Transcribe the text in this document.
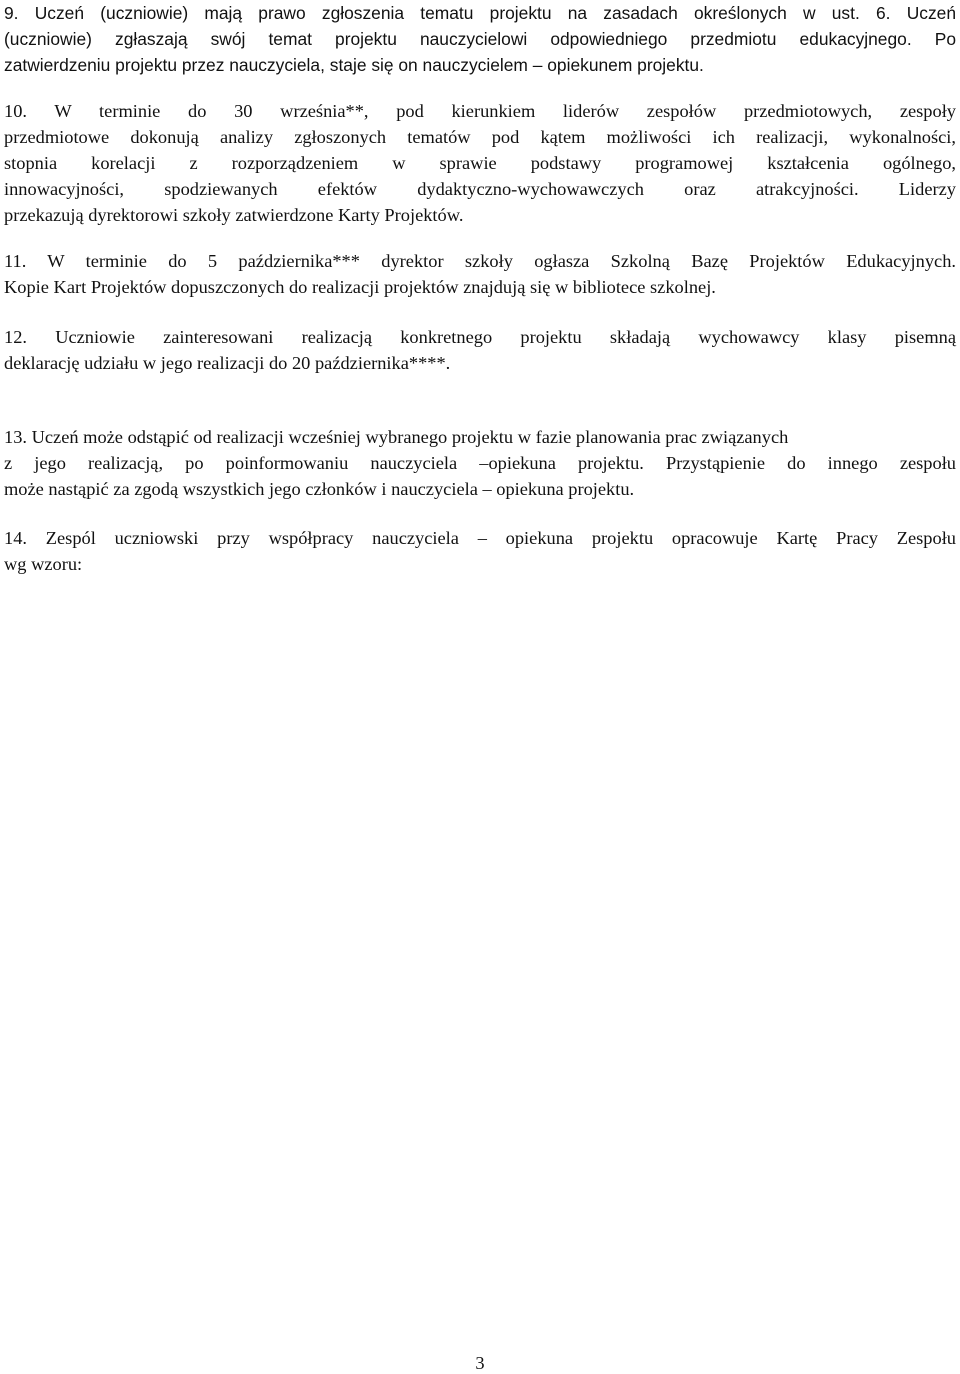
9. Uczeń (uczniowie) mają prawo zgłoszenia tematu projektu na zasadach określonych w ust. 6. Uczeń
(uczniowie) zgłaszają swój temat projektu nauczycielowi odpowiedniego przedmiotu edukacyjnego. Po
zatwierdzeniu projektu przez nauczyciela, staje się on nauczycielem – opiekunem projektu.
10. W terminie do 30 września**, pod kierunkiem liderów zespołów przedmiotowych, zespoły
przedmiotowe dokonują analizy zgłoszonych tematów pod kątem możliwości ich realizacji, wykonalności,
stopnia korelacji z rozporządzeniem w sprawie podstawy programowej kształcenia ogólnego,
innowacyjności, spodziewanych efektów dydaktyczno-wychowawczych oraz atrakcyjności. Liderzy
przekazują dyrektorowi szkoły zatwierdzone Karty Projektów.
11. W terminie do 5 października*** dyrektor szkoły ogłasza Szkolną Bazę Projektów Edukacyjnych.
Kopie Kart Projektów dopuszczonych do realizacji projektów znajdują się w bibliotece szkolnej.
12. Uczniowie zainteresowani realizacją konkretnego projektu składają wychowawcy klasy pisemną
deklarację udziału w jego realizacji do 20 października****.
13. Uczeń może odstąpić od realizacji wcześniej wybranego projektu w fazie planowania prac związanych
z jego realizacją, po poinformowaniu nauczyciela –opiekuna projektu. Przystąpienie do innego zespołu
może nastąpić za zgodą wszystkich jego członków i nauczyciela – opiekuna projektu.
14. Zespól uczniowski przy współpracy nauczyciela – opiekuna projektu opracowuje Kartę Pracy Zespołu
wg wzoru:
3
